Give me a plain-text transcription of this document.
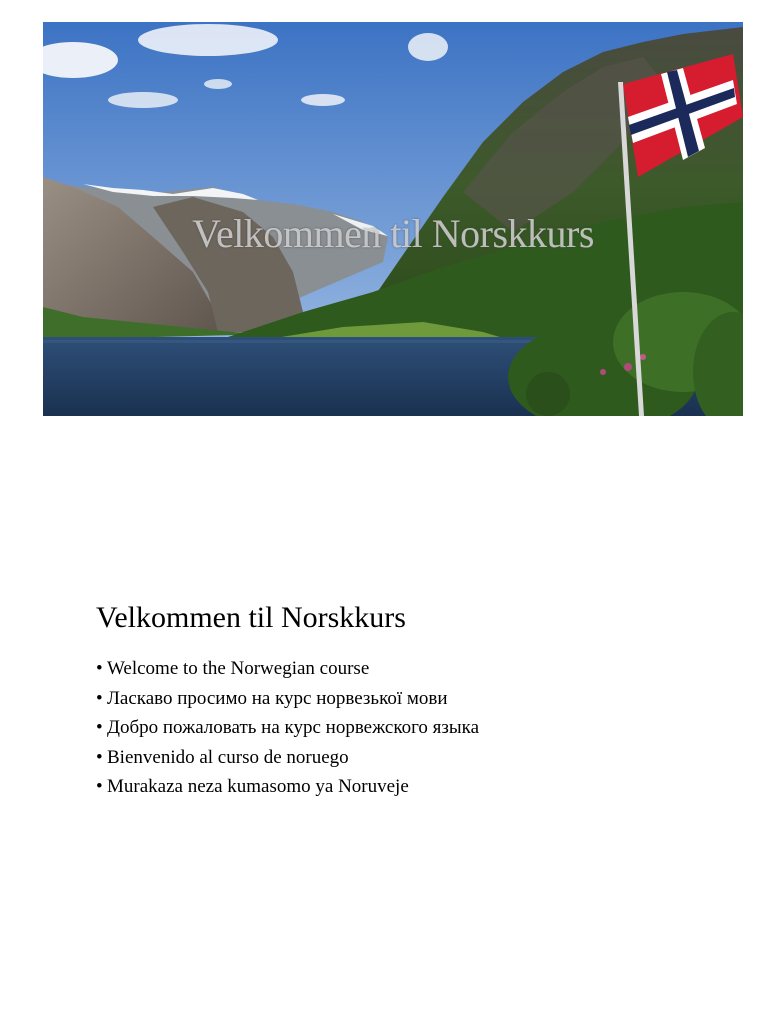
Velkommen til Norskkurs
Velkommen til Norskkurs
• Welcome to the Norwegian course
• Ласкаво просимо на курс норвезької мови
• Добро пожаловать на курс норвежского языка
• Bienvenido al curso de noruego
• Murakaza neza kumasomo ya Noruveje
